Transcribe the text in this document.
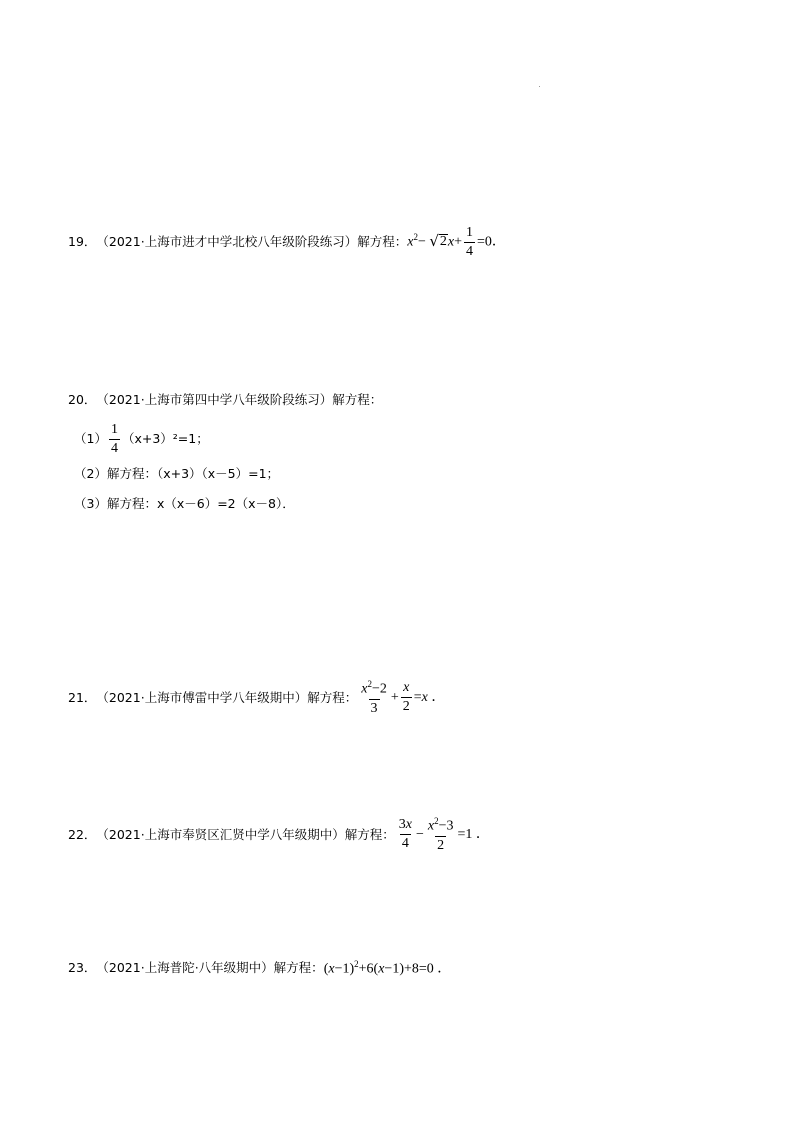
19． （2021·上海市进才中学北校八年级阶段练习） 解方程： $x^2-$ √ 2 $x+ \frac{1}{4} =0$．
20． （2021·上海市第四中学八年级阶段练习） 解方程：
$(1) \frac{1}{4} (x+3)^2=1$；
（2） 解方程：（x+3）（x－5）=1；
（3） 解方程：x（x－6）=2（x－8）．
21． （2021·上海市傅雷中学八年级期中） 解方程： $\frac{x^2-2}{3} + \frac{x}{2} =x$ ．
22． （2021·上海市奉贤区汇贤中学八年级期中） 解方程： $\frac{3x}{4} - \frac{x^2-3}{2} =1$ ．
23． （2021·上海普陀·八年级期中） 解方程： $(x-1)^2+6(x-1)+8=0$ ．
